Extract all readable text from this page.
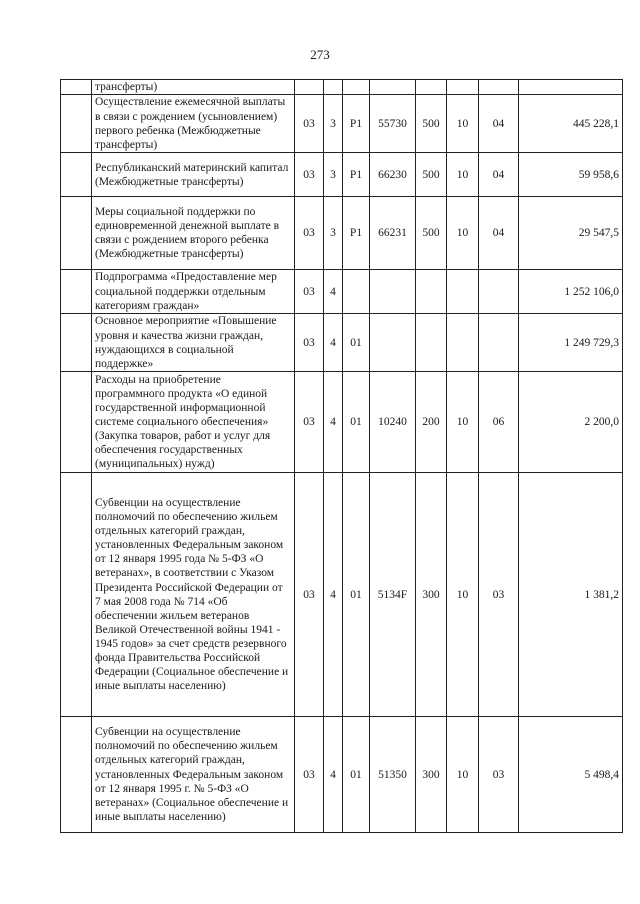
273
	трансферты)								
	Осуществление ежемесячной выплаты в связи с рождением (усыновлением) первого ребенка (Межбюджетные трансферты)	03	3	P1	55730	500	10	04	445 228,1
	Республиканский материнский капитал (Межбюджетные трансферты)	03	3	P1	66230	500	10	04	59 958,6
	Меры социальной поддержки по единовременной денежной выплате в связи с рождением второго ребенка (Межбюджетные трансферты)	03	3	P1	66231	500	10	04	29 547,5
	Подпрограмма «Предоставление мер социальной поддержки отдельным категориям граждан»	03	4						1 252 106,0
	Основное мероприятие «Повышение уровня и качества жизни граждан, нуждающихся в социальной поддержке»	03	4	01					1 249 729,3
	Расходы на приобретение программного продукта «О единой государственной информационной системе социального обеспечения» (Закупка товаров, работ и услуг для обеспечения государственных (муниципальных) нужд)	03	4	01	10240	200	10	06	2 200,0
	Субвенции на осуществление полномочий по обеспечению жильем отдельных категорий граждан, установленных Федеральным законом от 12 января 1995 года № 5-ФЗ «О ветеранах», в соответствии с Указом Президента Российской Федерации от 7 мая 2008 года № 714 «Об обеспечении жильем ветеранов Великой Отечественной войны 1941 - 1945 годов» за счет средств резервного фонда Правительства Российской Федерации (Социальное обеспечение и иные выплаты населению)	03	4	01	5134F	300	10	03	1 381,2
	Субвенции на осуществление полномочий по обеспечению жильем отдельных категорий граждан, установленных Федеральным законом от 12 января 1995 г. № 5-ФЗ «О ветеранах» (Социальное обеспечение и иные выплаты населению)	03	4	01	51350	300	10	03	5 498,4
